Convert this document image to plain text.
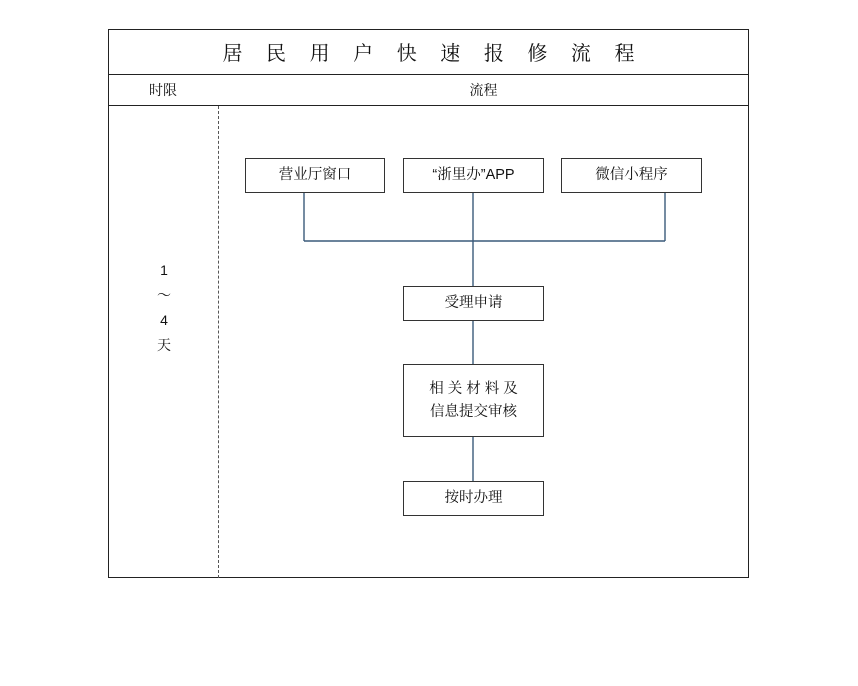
居 民 用 户 快 速 报 修 流 程
时限	流程
1
～
4
天
营业厅窗口	“浙里办”APP	微信小程序
受理申请
相 关 材 料 及
信息提交审核
按时办理
